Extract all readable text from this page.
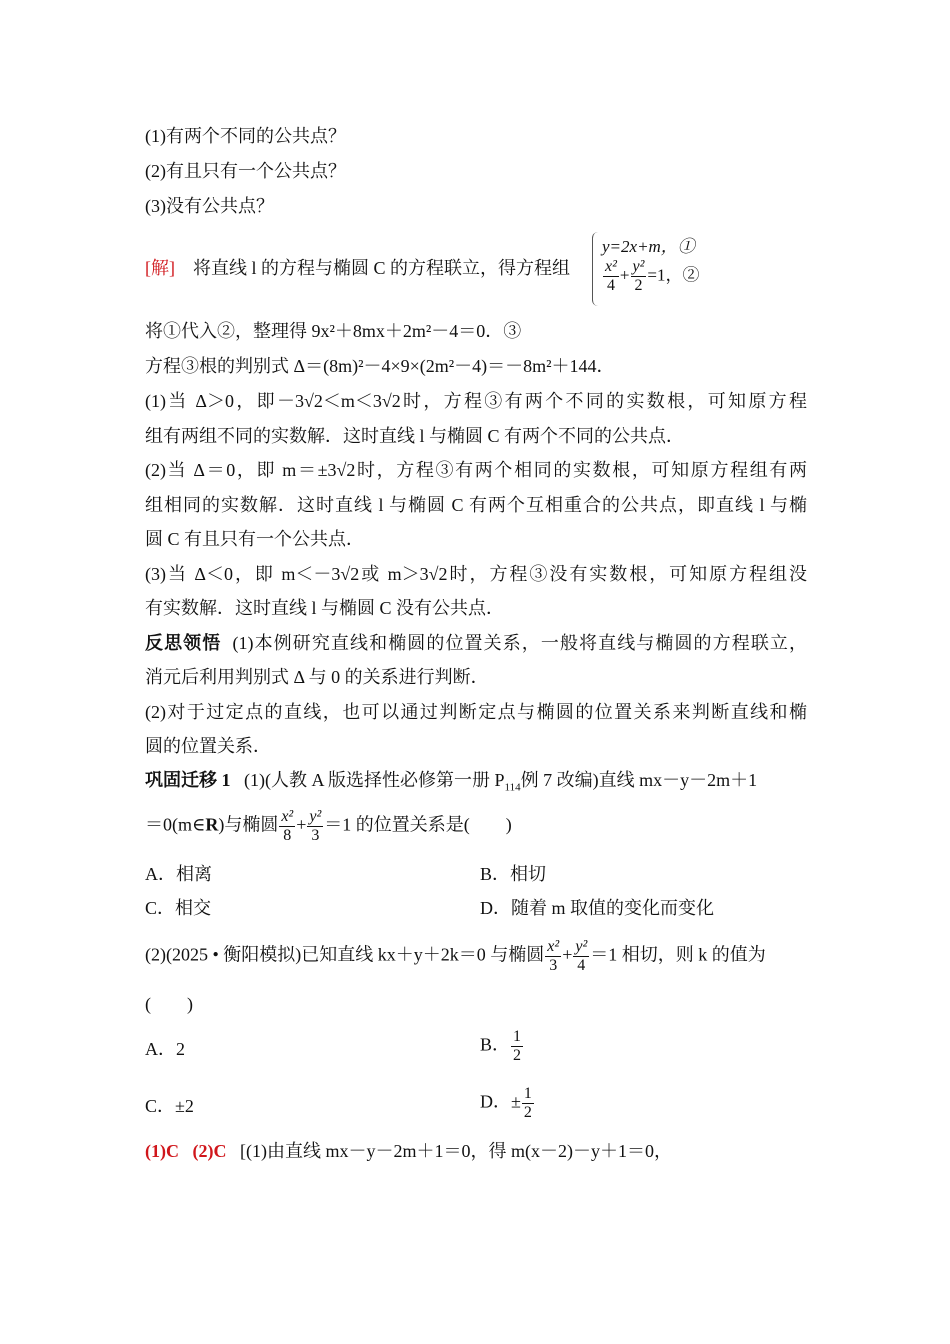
(1)有两个不同的公共点？
(2)有且只有一个公共点？
(3)没有公共点？
[解] 将直线 l 的方程与椭圆 C 的方程联立，得方程组
y=2x+m，①
$\frac{\text{x²}}{4} + \frac{\text{y²}}{2} =1$，②
将①代入②，整理得 9x²＋8mx＋2m²－4＝0．③
方程③根的判别式 Δ＝(8m)²－4×9×(2m²－4)＝－8m²＋144．
(1)当 Δ＞0，即－3√2＜m＜3√2时，方程③有两个不同的实数根，可知原方程
组有两组不同的实数解．这时直线 l 与椭圆 C 有两个不同的公共点．
(2)当 Δ＝0，即 m＝±3√2时，方程③有两个相同的实数根，可知原方程组有两
组相同的实数解．这时直线 l 与椭圆 C 有两个互相重合的公共点，即直线 l 与椭
圆 C 有且只有一个公共点．
(3)当 Δ＜0，即 m＜－3√2或 m＞3√2时，方程③没有实数根，可知原方程组没
有实数解．这时直线 l 与椭圆 C 没有公共点．
反思领悟 (1)本例研究直线和椭圆的位置关系，一般将直线与椭圆的方程联立，
消元后利用判别式 Δ 与 0 的关系进行判断．
(2)对于过定点的直线，也可以通过判断定点与椭圆的位置关系来判断直线和椭
圆的位置关系．
巩固迁移 1 (1)(人教 A 版选择性必修第一册 $P_{114}$例 7 改编)直线 mx－y－2m＋1
＝0(m∈R)与椭圆 $\frac{\text{x²}}{8} + \frac{\text{y²}}{3} =1$ 的位置关系是(　　)
A．相离	B．相切
C．相交	D．随着 m 取值的变化而变化
(2)(2025 • 衡阳模拟)已知直线 kx＋y＋2k＝0 与椭圆 $\frac{\text{x²}}{3} + \frac{\text{y²}}{4} =1$ 相切，则 k 的值为
(　　)
A．2	B． $\frac{1}{2}$
C．±2	D．± $\frac{1}{2}$
(1)C (2)C [(1)由直线 mx－y－2m＋1＝0，得 m(x－2)－y＋1＝0，
